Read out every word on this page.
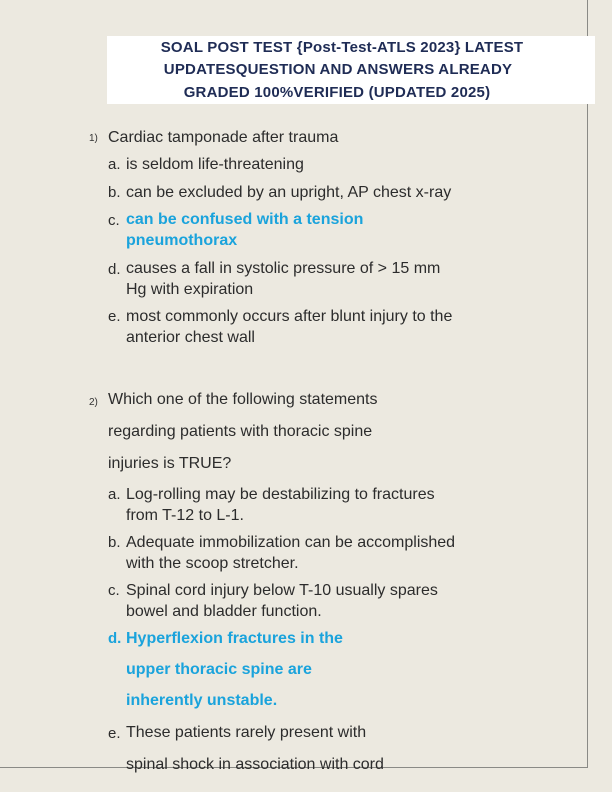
SOAL POST TEST {Post-Test-ATLS 2023} LATEST
UPDATESQUESTION AND ANSWERS ALREADY
GRADED 100%VERIFIED (UPDATED 2025)
1) Cardiac tamponade after trauma
a. is seldom life-threatening
b. can be excluded by an upright, AP chest x-ray
c. can be confused with a tension
pneumothorax
d. causes a fall in systolic pressure of > 15 mm
Hg with expiration
e. most commonly occurs after blunt injury to the
anterior chest wall
2) Which one of the following statements
regarding patients with thoracic spine
injuries is TRUE?
a. Log-rolling may be destabilizing to fractures
from T-12 to L-1.
b. Adequate immobilization can be accomplished
with the scoop stretcher.
c. Spinal cord injury below T-10 usually spares
bowel and bladder function.
d. Hyperflexion fractures in the
upper thoracic spine are
inherently unstable.
e. These patients rarely present with
spinal shock in association with cord
